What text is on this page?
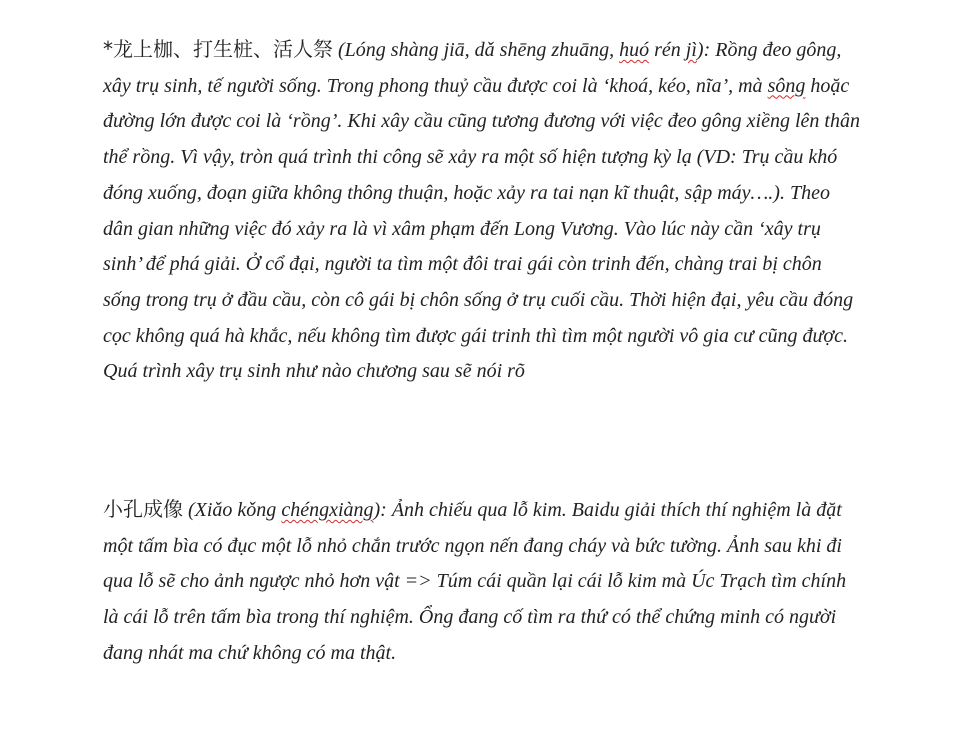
*龙上枷、打生桩、活人祭 (Lóng shàng jiā, dǎ shēng zhuāng, huó rén jì): Rồng đeo gông, xây trụ sinh, tế người sống. Trong phong thuỷ cầu được coi là ‘khoá, kéo, nĩa’, mà sông hoặc đường lớn được coi là ‘rồng’. Khi xây cầu cũng tương đương với việc đeo gông xiềng lên thân thể rồng. Vì vậy, tròn quá trình thi công sẽ xảy ra một số hiện tượng kỳ lạ (VD: Trụ cầu khó đóng xuống, đoạn giữa không thông thuận, hoặc xảy ra tai nạn kĩ thuật, sập máy….). Theo dân gian những việc đó xảy ra là vì xâm phạm đến Long Vương. Vào lúc này cần ‘xây trụ sinh’ để phá giải. Ở cổ đại, người ta tìm một đôi trai gái còn trinh đến, chàng trai bị chôn sống trong trụ ở đầu cầu, còn cô gái bị chôn sống ở trụ cuối cầu. Thời hiện đại, yêu cầu đóng cọc không quá hà khắc, nếu không tìm được gái trinh thì tìm một người vô gia cư cũng được. Quá trình xây trụ sinh như nào chương sau sẽ nói rõ

小孔成像 (Xiǎo kǒng chéngxiàng): Ảnh chiếu qua lỗ kim. Baidu giải thích thí nghiệm là đặt một tấm bìa có đục một lỗ nhỏ chắn trước ngọn nến đang cháy và bức tường. Ảnh sau khi đi qua lỗ sẽ cho ảnh ngược nhỏ hơn vật => Túm cái quần lại cái lỗ kim mà Úc Trạch tìm chính là cái lỗ trên tấm bìa trong thí nghiệm. Ổng đang cố tìm ra thứ có thể chứng minh có người đang nhát ma chứ không có ma thật.
